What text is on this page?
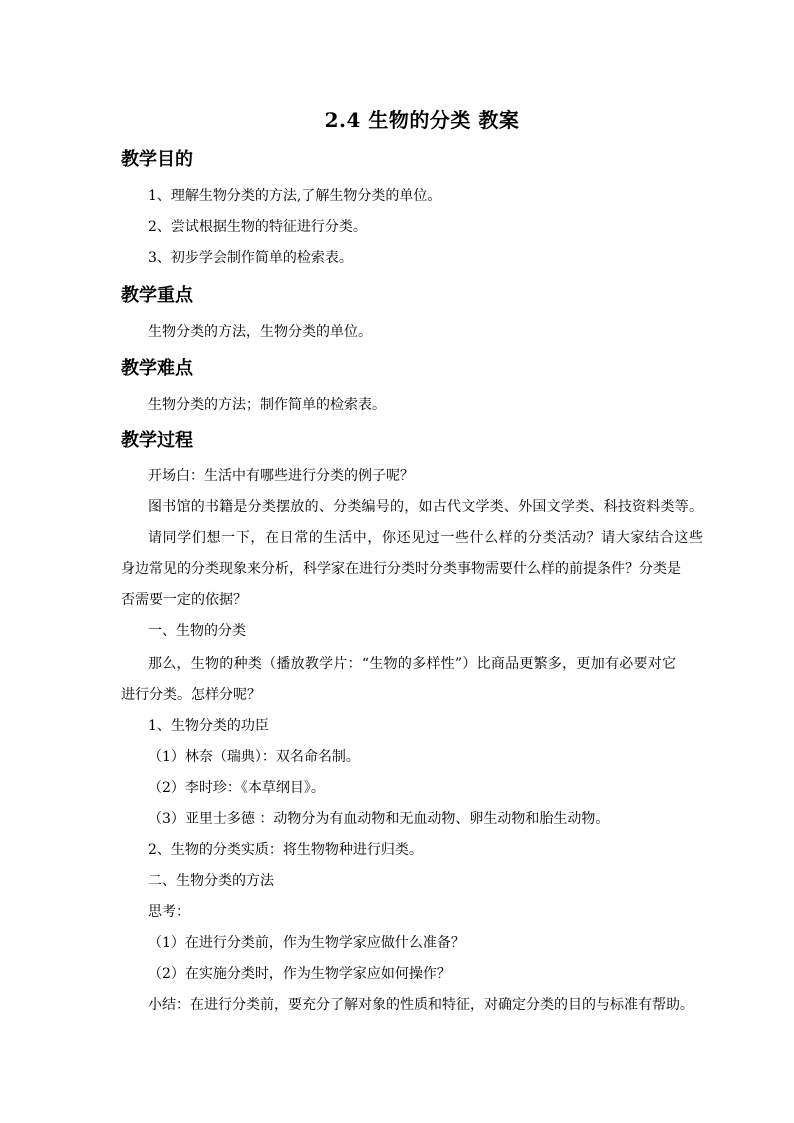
2.4 生物的分类 教案
教学目的
1、理解生物分类的方法,了解生物分类的单位。
2、尝试根据生物的特征进行分类。
3、初步学会制作简单的检索表。
教学重点
生物分类的方法，生物分类的单位。
教学难点
生物分类的方法；制作简单的检索表。
教学过程
开场白：生活中有哪些进行分类的例子呢？
图书馆的书籍是分类摆放的、分类编号的，如古代文学类、外国文学类、科技资料类等。
请同学们想一下，在日常的生活中，你还见过一些什么样的分类活动？请大家结合这些
身边常见的分类现象来分析，科学家在进行分类时分类事物需要什么样的前提条件？分类是
否需要一定的依据？
一、生物的分类
那么，生物的种类（播放教学片：“生物的多样性”）比商品更繁多，更加有必要对它
进行分类。怎样分呢？
1、生物分类的功臣
（1）林奈（瑞典）：双名命名制。
（2）李时珍：《本草纲目》。
（3）亚里士多德 ：动物分为有血动物和无血动物、卵生动物和胎生动物。
2、生物的分类实质：将生物物种进行归类。
二、生物分类的方法
思考：
（1）在进行分类前，作为生物学家应做什么准备？
（2）在实施分类时，作为生物学家应如何操作？
小结：在进行分类前，要充分了解对象的性质和特征，对确定分类的目的与标准有帮助。
